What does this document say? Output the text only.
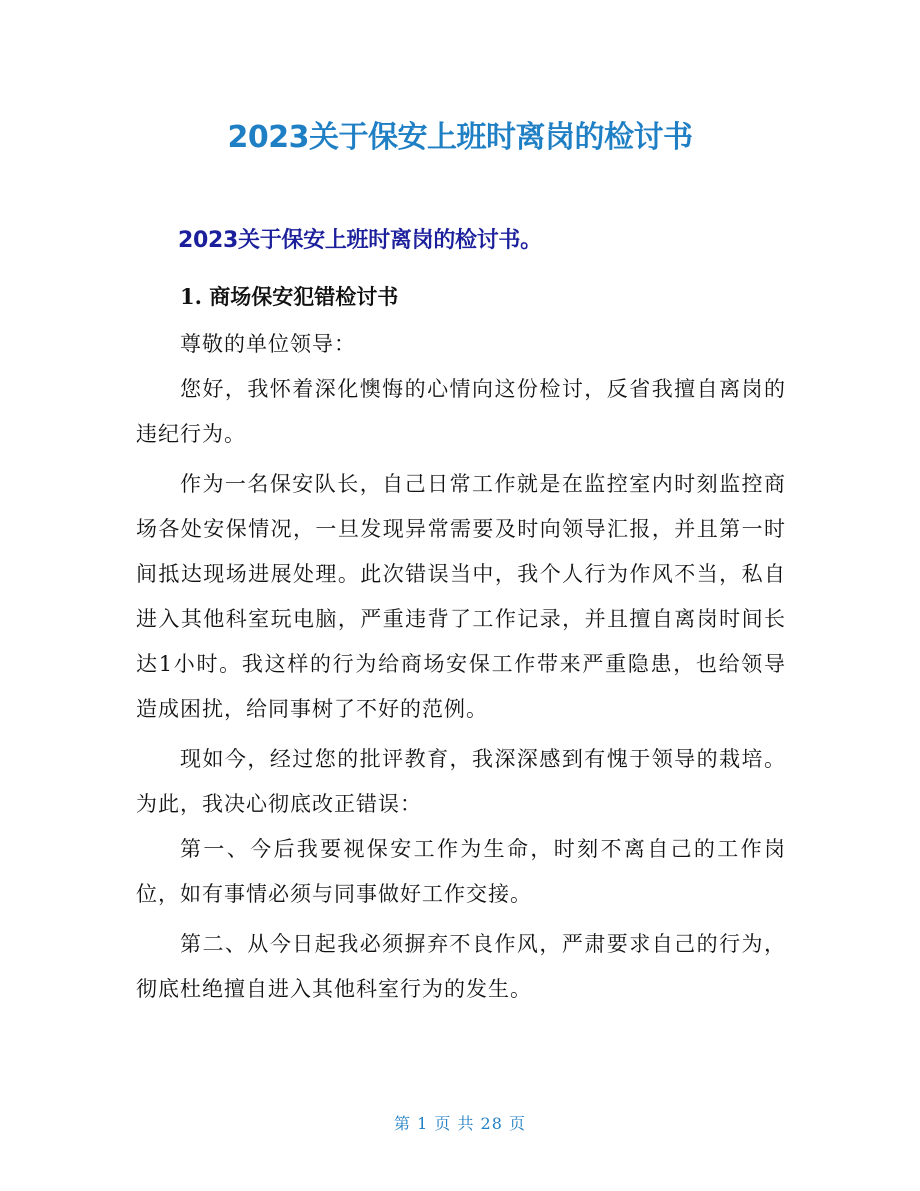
2023关于保安上班时离岗的检讨书
2023关于保安上班时离岗的检讨书。
1. 商场保安犯错检讨书

尊敬的单位领导：

您好，我怀着深化懊悔的心情向这份检讨，反省我擅自离岗的违纪行为。

作为一名保安队长，自己日常工作就是在监控室内时刻监控商场各处安保情况，一旦发现异常需要及时向领导汇报，并且第一时间抵达现场进展处理。此次错误当中，我个人行为作风不当，私自进入其他科室玩电脑，严重违背了工作记录，并且擅自离岗时间长达1小时。我这样的行为给商场安保工作带来严重隐患，也给领导造成困扰，给同事树了不好的范例。

现如今，经过您的批评教育，我深深感到有愧于领导的栽培。为此，我决心彻底改正错误：

第一、今后我要视保安工作为生命，时刻不离自己的工作岗位，如有事情必须与同事做好工作交接。

第二、从今日起我必须摒弃不良作风，严肃要求自己的行为，彻底杜绝擅自进入其他科室行为的发生。

第 1 页 共 28 页
